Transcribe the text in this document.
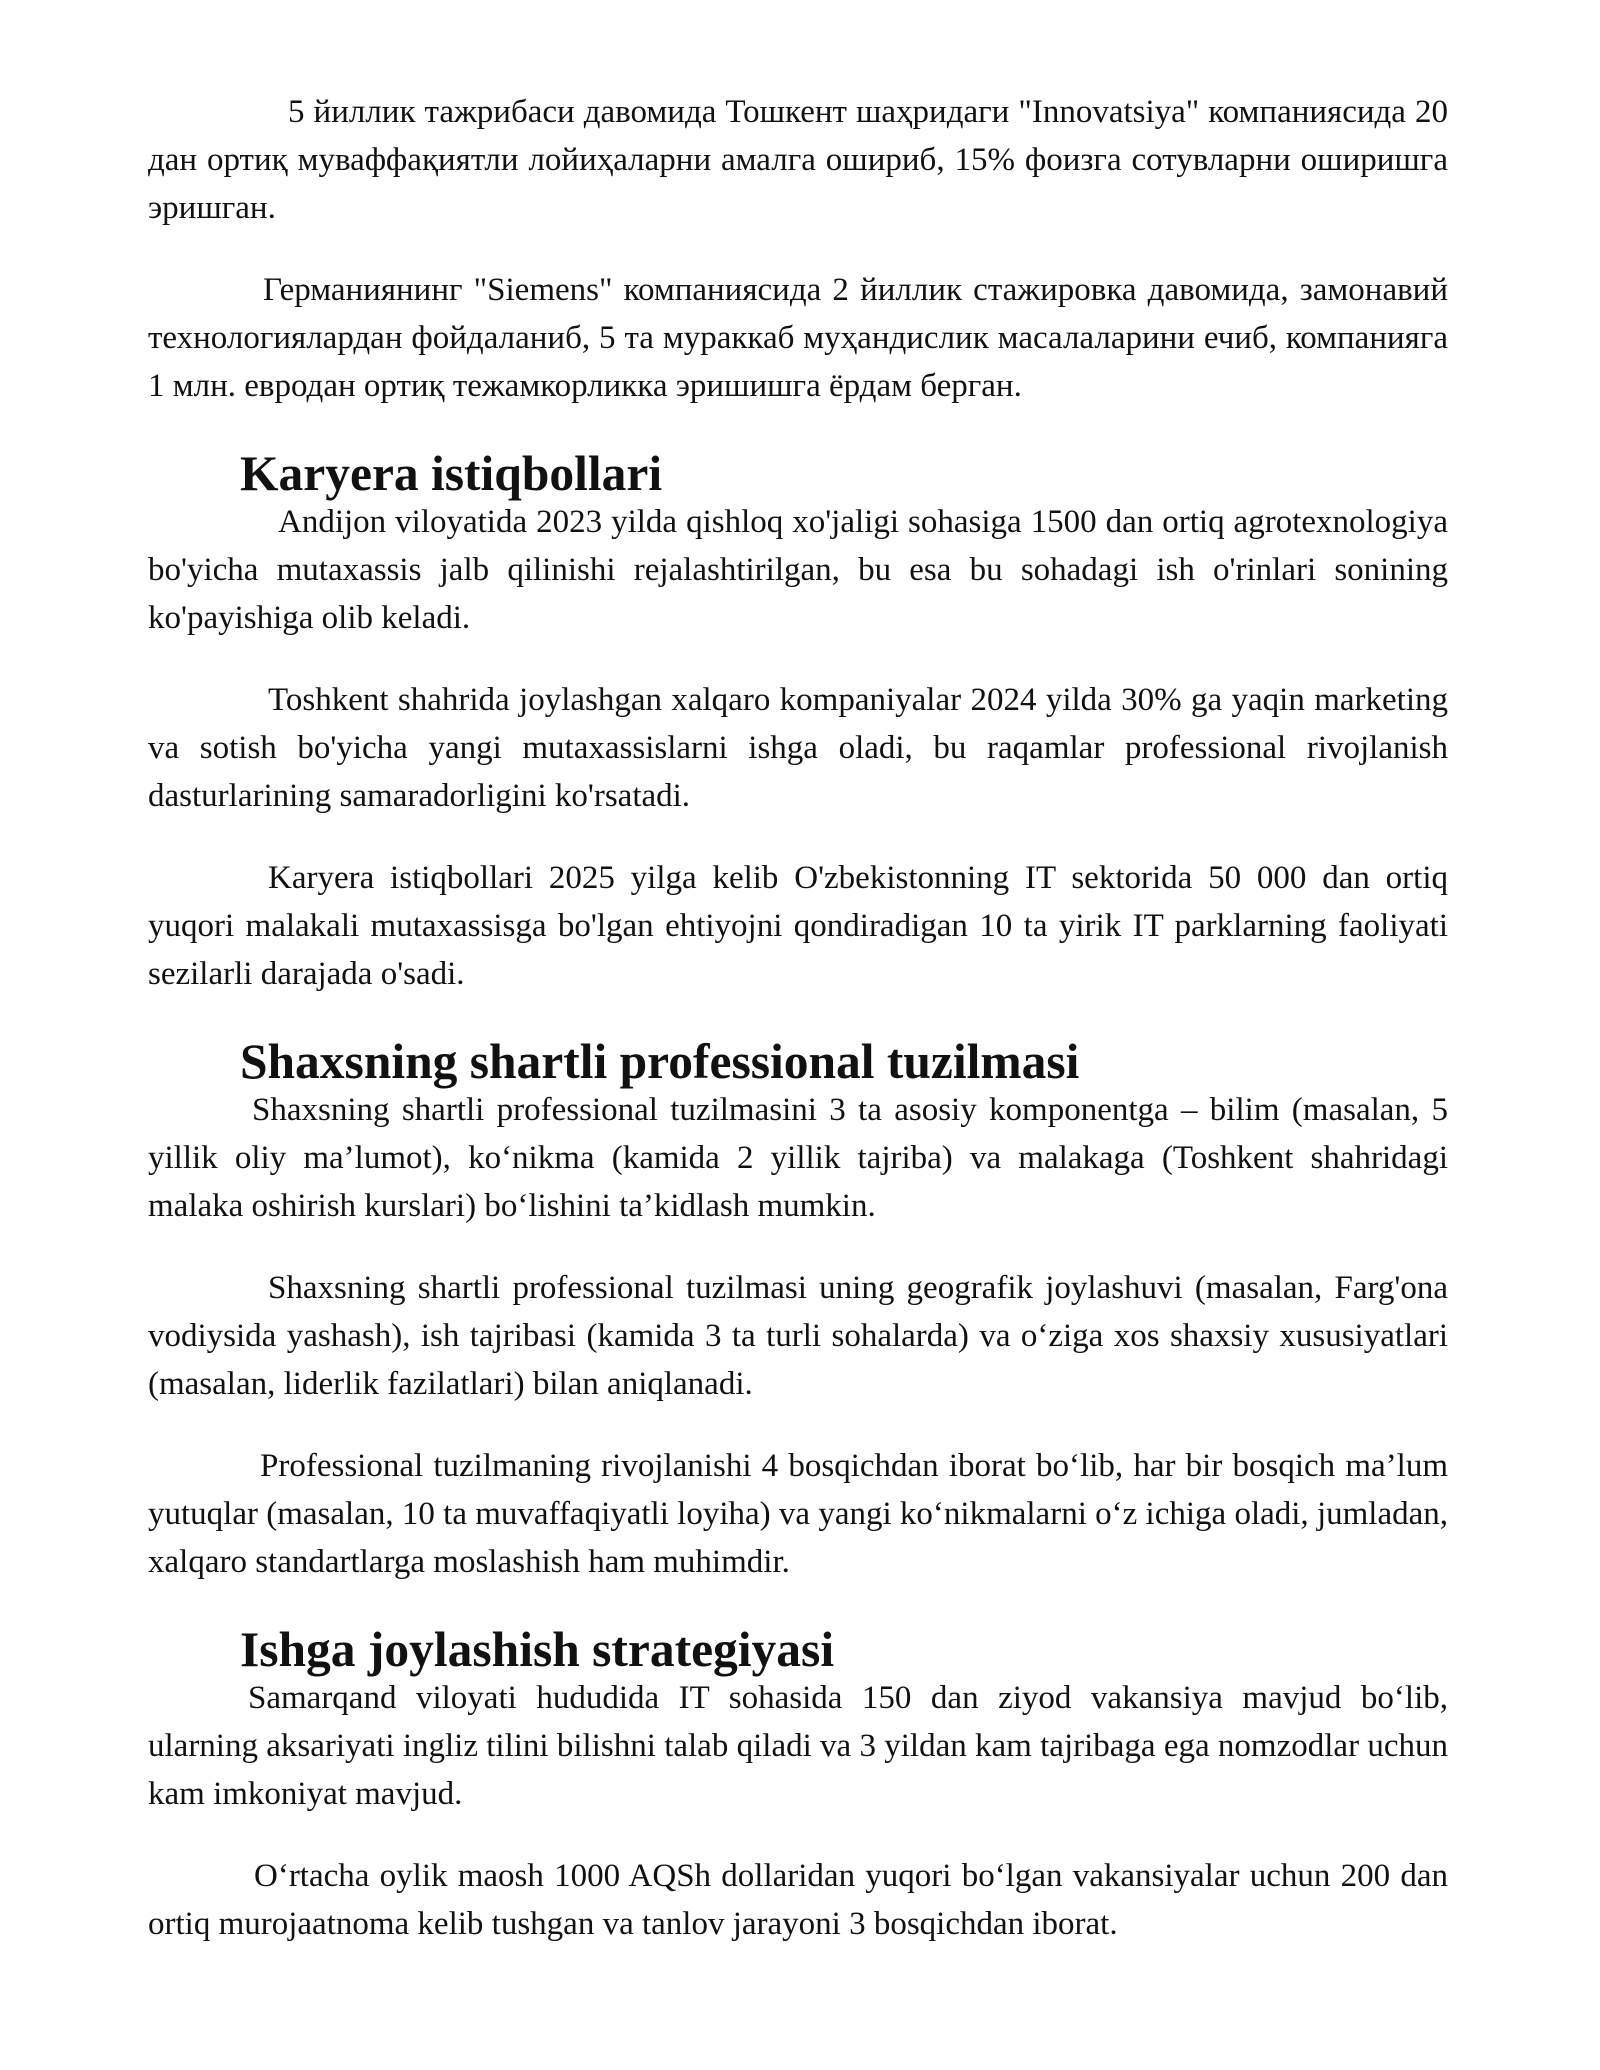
5 йиллик тажрибаси давомида Тошкент шаҳридаги "Innovatsiya" компаниясида 20 дан ортиқ муваффақиятли лойиҳаларни амалга ошириб, 15% фоизга сотувларни оширишга эришган.

Германиянинг "Siemens" компаниясида 2 йиллик стажировка давомида, замонавий технологиялардан фойдаланиб, 5 та мураккаб муҳандислик масалаларини ечиб, компанияга 1 млн. евродан ортиқ тежамкорликка эришишга ёрдам берган.

Karyera istiqbollari

Andijon viloyatida 2023 yilda qishloq xo'jaligi sohasiga 1500 dan ortiq agrotexnologiya bo'yicha mutaxassis jalb qilinishi rejalashtirilgan, bu esa bu sohadagi ish o'rinlari sonining ko'payishiga olib keladi.

Toshkent shahrida joylashgan xalqaro kompaniyalar 2024 yilda 30% ga yaqin marketing va sotish bo'yicha yangi mutaxassislarni ishga oladi, bu raqamlar professional rivojlanish dasturlarining samaradorligini ko'rsatadi.

Karyera istiqbollari 2025 yilga kelib O'zbekistonning IT sektorida 50 000 dan ortiq yuqori malakali mutaxassisga bo'lgan ehtiyojni qondiradigan 10 ta yirik IT parklarning faoliyati sezilarli darajada o'sadi.

Shaxsning shartli professional tuzilmasi

Shaxsning shartli professional tuzilmasini 3 ta asosiy komponentga – bilim (masalan, 5 yillik oliy ma’lumot), ko‘nikma (kamida 2 yillik tajriba) va malakaga (Toshkent shahridagi malaka oshirish kurslari) bo‘lishini ta’kidlash mumkin.

Shaxsning shartli professional tuzilmasi uning geografik joylashuvi (masalan, Farg'ona vodiysida yashash), ish tajribasi (kamida 3 ta turli sohalarda) va o‘ziga xos shaxsiy xususiyatlari (masalan, liderlik fazilatlari) bilan aniqlanadi.

Professional tuzilmaning rivojlanishi 4 bosqichdan iborat bo‘lib, har bir bosqich ma’lum yutuqlar (masalan, 10 ta muvaffaqiyatli loyiha) va yangi ko‘nikmalarni o‘z ichiga oladi, jumladan, xalqaro standartlarga moslashish ham muhimdir.

Ishga joylashish strategiyasi

Samarqand viloyati hududida IT sohasida 150 dan ziyod vakansiya mavjud bo‘lib, ularning aksariyati ingliz tilini bilishni talab qiladi va 3 yildan kam tajribaga ega nomzodlar uchun kam imkoniyat mavjud.

O‘rtacha oylik maosh 1000 AQSh dollaridan yuqori bo‘lgan vakansiyalar uchun 200 dan ortiq murojaatnoma kelib tushgan va tanlov jarayoni 3 bosqichdan iborat.
